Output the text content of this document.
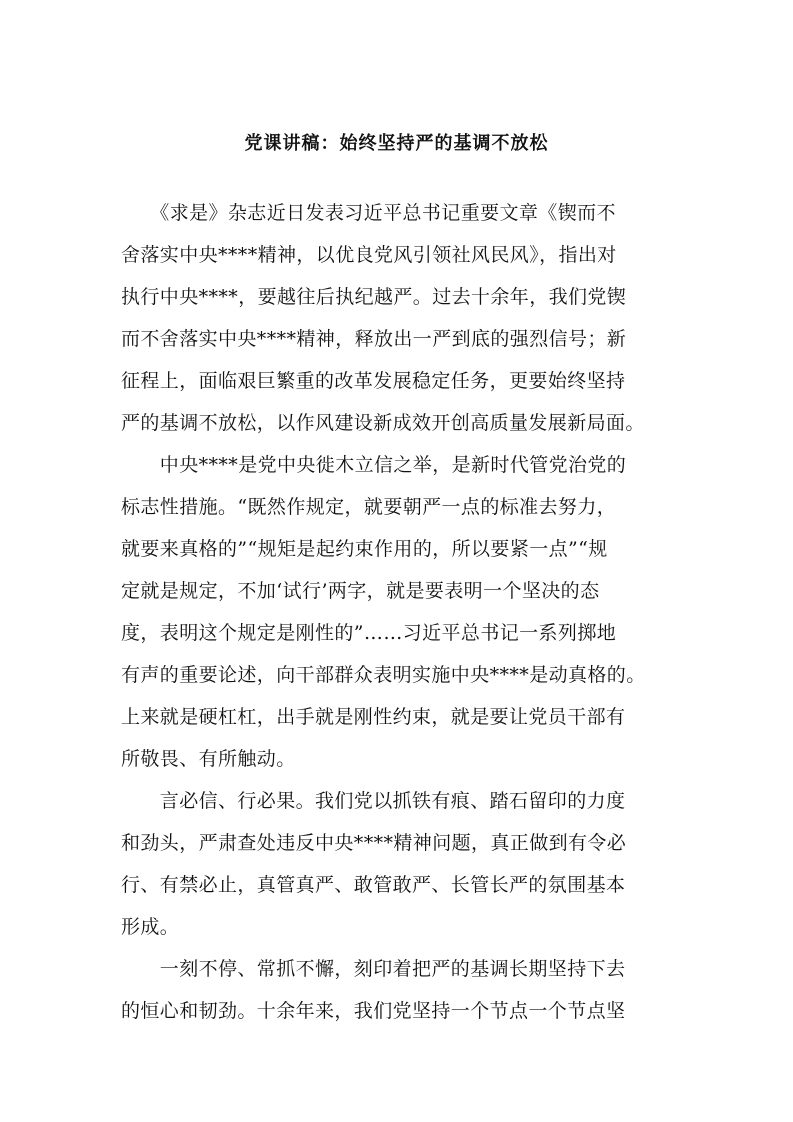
党课讲稿：始终坚持严的基调不放松

　　《求是》杂志近日发表习近平总书记重要文章《锲而不

舍落实中央****精神，以优良党风引领社风民风》，指出对

执行中央****，要越往后执纪越严。过去十余年，我们党锲

而不舍落实中央****精神，释放出一严到底的强烈信号；新

征程上，面临艰巨繁重的改革发展稳定任务，更要始终坚持

严的基调不放松，以作风建设新成效开创高质量发展新局面。

　　中央****是党中央徙木立信之举，是新时代管党治党的

标志性措施。“既然作规定，就要朝严一点的标准去努力，

就要来真格的”“规矩是起约束作用的，所以要紧一点”“规

定就是规定，不加‘试行’两字，就是要表明一个坚决的态

度，表明这个规定是刚性的”……习近平总书记一系列掷地

有声的重要论述，向干部群众表明实施中央****是动真格的。

上来就是硬杠杠，出手就是刚性约束，就是要让党员干部有

所敬畏、有所触动。

　　言必信、行必果。我们党以抓铁有痕、踏石留印的力度

和劲头，严肃查处违反中央****精神问题，真正做到有令必

行、有禁必止，真管真严、敢管敢严、长管长严的氛围基本

形成。

　　一刻不停、常抓不懈，刻印着把严的基调长期坚持下去

的恒心和韧劲。十余年来，我们党坚持一个节点一个节点坚
